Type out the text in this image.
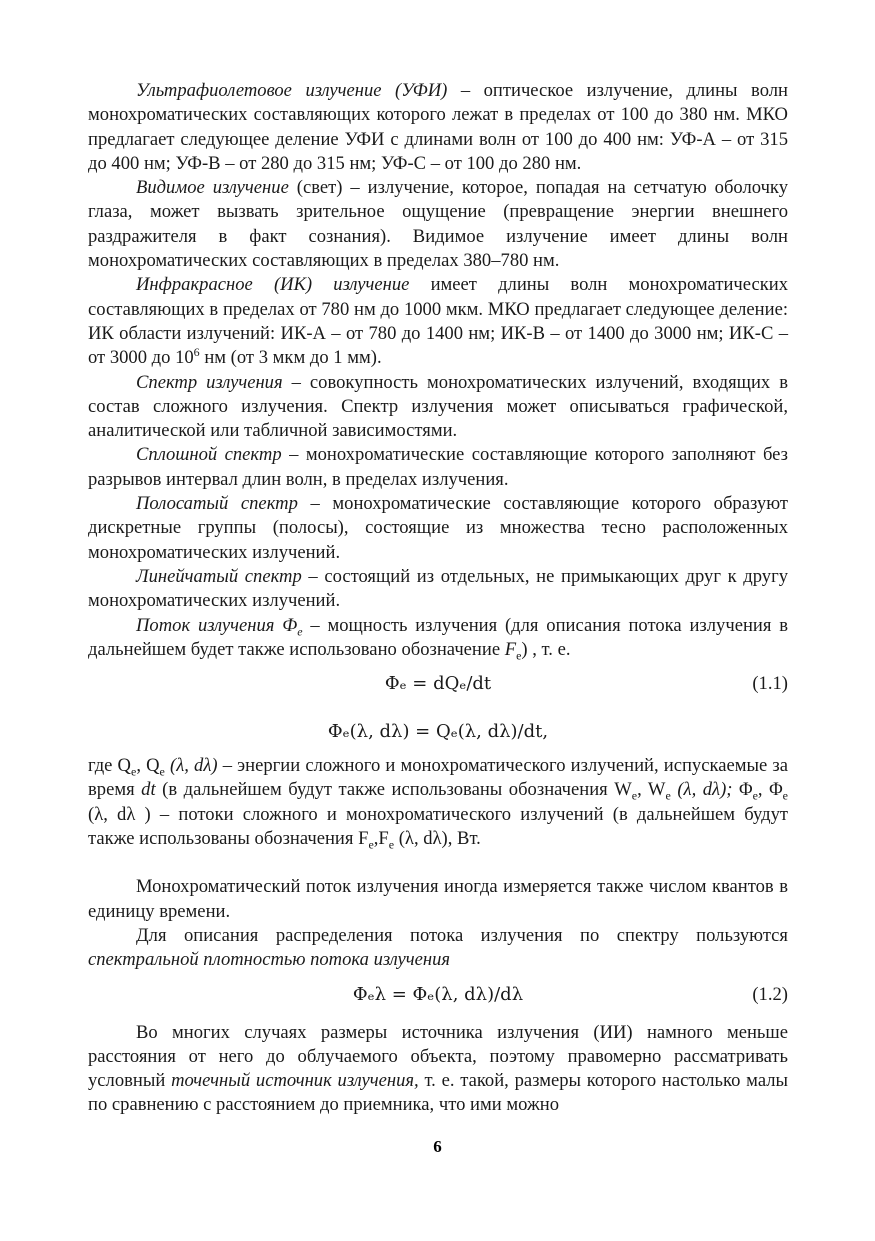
Ультрафиолетовое излучение (УФИ) – оптическое излучение, длины волн монохроматических составляющих которого лежат в пределах от 100 до 380 нм. МКО предлагает следующее деление УФИ с длинами волн от 100 до 400 нм: УФ-А – от 315 до 400 нм; УФ-В – от 280 до 315 нм; УФ-С – от 100 до 280 нм.

Видимое излучение (свет) – излучение, которое, попадая на сетчатую оболочку глаза, может вызвать зрительное ощущение (превращение энергии внешнего раздражителя в факт сознания). Видимое излучение имеет длины волн монохроматических составляющих в пределах 380–780 нм.

Инфракрасное (ИК) излучение имеет длины волн монохроматических составляющих в пределах от 780 нм до 1000 мкм. МКО предлагает следующее деление: ИК области излучений: ИК-А – от 780 до 1400 нм; ИК-В – от 1400 до 3000 нм; ИК-С – от 3000 до $10^6$ нм (от 3 мкм до 1 мм).

Спектр излучения – совокупность монохроматических излучений, входящих в состав сложного излучения. Спектр излучения может описываться графической, аналитической или табличной зависимостями.

Сплошной спектр – монохроматические составляющие которого заполняют без разрывов интервал длин волн, в пределах излучения.

Полосатый спектр – монохроматические составляющие которого образуют дискретные группы (полосы), состоящие из множества тесно расположенных монохроматических излучений.

Линейчатый спектр – состоящий из отдельных, не примыкающих друг к другу монохроматических излучений.

Поток излучения $Ф_e$ – мощность излучения (для описания потока излучения в дальнейшем будет также использовано обозначение $F_e$) , т. е.

Φₑ = dQₑ/dt	(1.1)
Φₑ(λ, dλ) = Qₑ(λ, dλ)/dt,

где $Q_e$, $Q_e$ (λ, dλ) – энергии сложного и монохроматического излучений, испускаемые за время dt (в дальнейшем будут также использованы обозначения $W_e$, $W_e$ (λ, dλ); $\Phi_e$, $\Phi_e$ (λ, dλ ) – потоки сложного и монохроматического излучений (в дальнейшем будут также использованы обозначения $F_e,F_e$ (λ, dλ), Вт.

Монохроматический поток излучения иногда измеряется также числом квантов в единицу времени.

Для описания распределения потока излучения по спектру пользуются спектральной плотностью потока излучения

Φₑλ = Φₑ(λ, dλ)/dλ	(1.2)

Во многих случаях размеры источника излучения (ИИ) намного меньше расстояния от него до облучаемого объекта, поэтому правомерно рассматривать условный точечный источник излучения, т. е. такой, размеры которого настолько малы по сравнению с расстоянием до приемника, что ими можно

6
